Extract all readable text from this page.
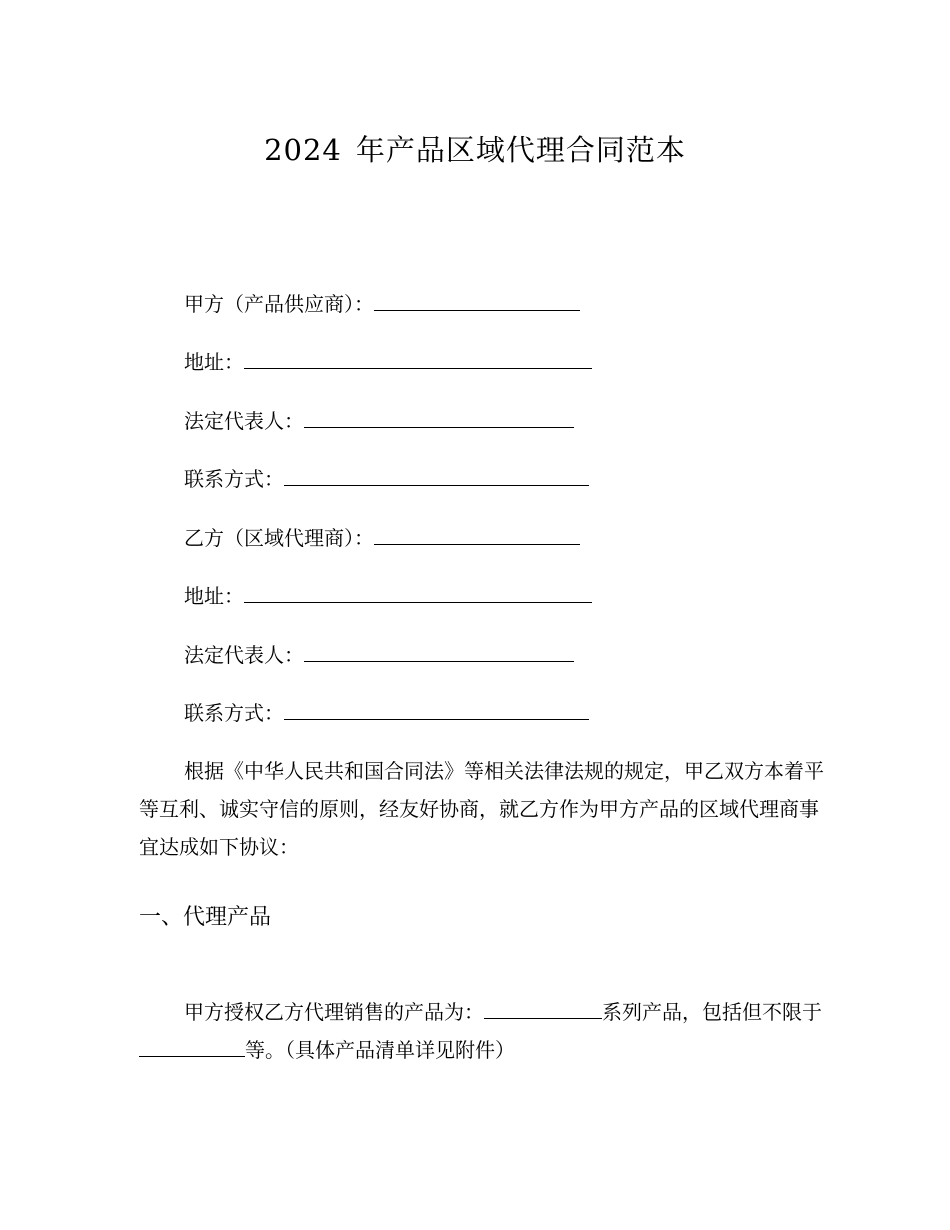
2024 年产品区域代理合同范本
甲方（产品供应商）：
地址：
法定代表人：
联系方式：
乙方（区域代理商）：
地址：
法定代表人：
联系方式：

根据《中华人民共和国合同法》等相关法律法规的规定，甲乙双方本着平等互利、诚实守信的原则，经友好协商，就乙方作为甲方产品的区域代理商事宜达成如下协议：

一、代理产品

甲方授权乙方代理销售的产品为：	系列产品，包括但不限于等。（具体产品清单详见附件）
